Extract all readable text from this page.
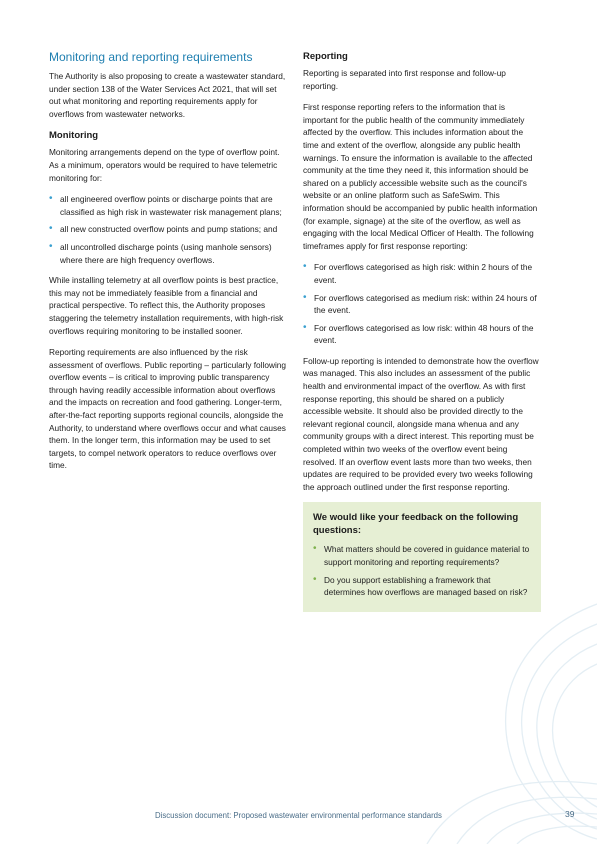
Monitoring and reporting requirements

The Authority is also proposing to create a wastewater standard, under section 138 of the Water Services Act 2021, that will set out what monitoring and reporting requirements apply for overflows from wastewater networks.

Monitoring

Monitoring arrangements depend on the type of overflow point. As a minimum, operators would be required to have telemetric monitoring for:

• all engineered overflow points or discharge points that are classified as high risk in wastewater risk management plans;
• all new constructed overflow points and pump stations; and
• all uncontrolled discharge points (using manhole sensors) where there are high frequency overflows.

While installing telemetry at all overflow points is best practice, this may not be immediately feasible from a financial and practical perspective. To reflect this, the Authority proposes staggering the telemetry installation requirements, with high-risk overflows requiring monitoring to be installed sooner.

Reporting requirements are also influenced by the risk assessment of overflows. Public reporting – particularly following overflow events – is critical to improving public transparency through having readily accessible information about overflows and the impacts on recreation and food gathering. Longer-term, after-the-fact reporting supports regional councils, alongside the Authority, to understand where overflows occur and what causes them. In the longer term, this information may be used to set targets, to compel network operators to reduce overflows over time.

Reporting

Reporting is separated into first response and follow-up reporting.

First response reporting refers to the information that is important for the public health of the community immediately affected by the overflow. This includes information about the time and extent of the overflow, alongside any public health warnings. To ensure the information is available to the affected community at the time they need it, this information should be shared on a publicly accessible website such as the council's website or an online platform such as SafeSwim. This information should be accompanied by public health information (for example, signage) at the site of the overflow, as well as engaging with the local Medical Officer of Health. The following timeframes apply for first response reporting:

• For overflows categorised as high risk: within 2 hours of the event.
• For overflows categorised as medium risk: within 24 hours of the event.
• For overflows categorised as low risk: within 48 hours of the event.

Follow-up reporting is intended to demonstrate how the overflow was managed. This also includes an assessment of the public health and environmental impact of the overflow. As with first response reporting, this should be shared on a publicly accessible website. It should also be provided directly to the relevant regional council, alongside mana whenua and any community groups with a direct interest. This reporting must be completed within two weeks of the overflow event being resolved. If an overflow event lasts more than two weeks, then updates are required to be provided every two weeks following the approach outlined under the first response reporting.

We would like your feedback on the following questions:
• What matters should be covered in guidance material to support monitoring and reporting requirements?
• Do you support establishing a framework that determines how overflows are managed based on risk?
Discussion document: Proposed wastewater environmental performance standards	39
